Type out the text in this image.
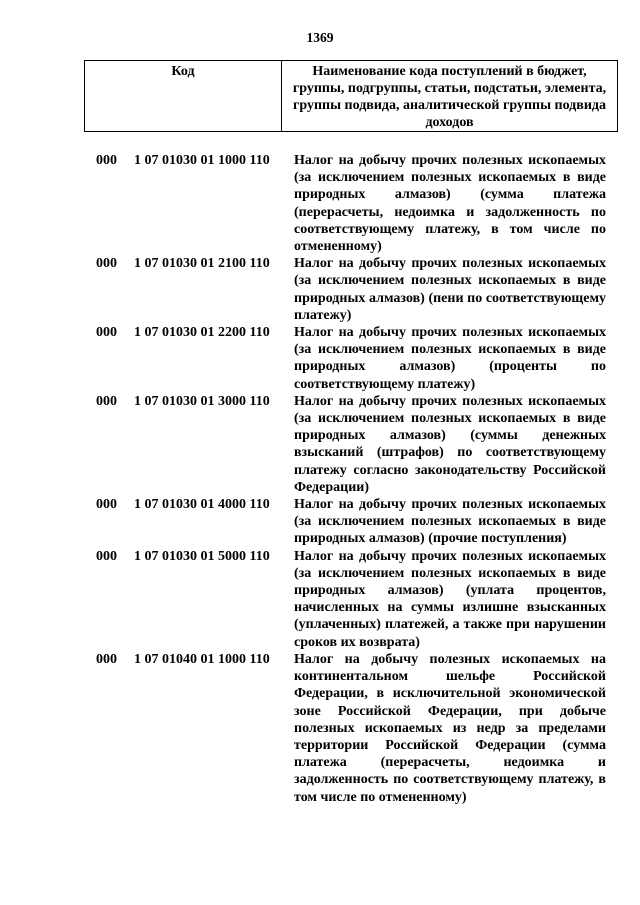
1369
Код	Наименование кода поступлений в бюджет, группы, подгруппы, статьи, подстатьи, элемента, группы подвида, аналитической группы подвида доходов
000	1 07 01030 01 1000 110	Налог на добычу прочих полезных ископаемых (за исключением полезных ископаемых в виде природных алмазов) (сумма платежа (перерасчеты, недоимка и задолженность по соответствующему платежу, в том числе по отмененному)
000	1 07 01030 01 2100 110	Налог на добычу прочих полезных ископаемых (за исключением полезных ископаемых в виде природных алмазов) (пени по соответствующему платежу)
000	1 07 01030 01 2200 110	Налог на добычу прочих полезных ископаемых (за исключением полезных ископаемых в виде природных алмазов) (проценты по соответствующему платежу)
000	1 07 01030 01 3000 110	Налог на добычу прочих полезных ископаемых (за исключением полезных ископаемых в виде природных алмазов) (суммы денежных взысканий (штрафов) по соответствующему платежу согласно законодательству Российской Федерации)
000	1 07 01030 01 4000 110	Налог на добычу прочих полезных ископаемых (за исключением полезных ископаемых в виде природных алмазов) (прочие поступления)
000	1 07 01030 01 5000 110	Налог на добычу прочих полезных ископаемых (за исключением полезных ископаемых в виде природных алмазов) (уплата процентов, начисленных на суммы излишне взысканных (уплаченных) платежей, а также при нарушении сроков их возврата)
000	1 07 01040 01 1000 110	Налог на добычу полезных ископаемых на континентальном шельфе Российской Федерации, в исключительной экономической зоне Российской Федерации, при добыче полезных ископаемых из недр за пределами территории Российской Федерации (сумма платежа (перерасчеты, недоимка и задолженность по соответствующему платежу, в том числе по отмененному)
